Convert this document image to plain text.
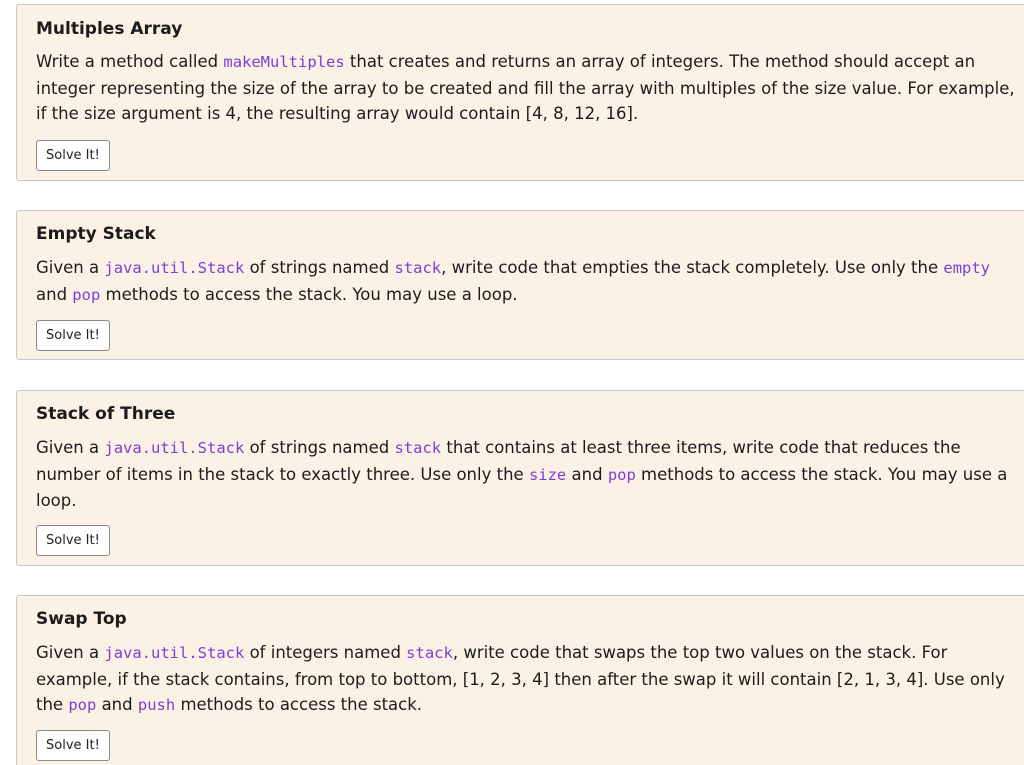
Multiples Array

Write a method called makeMultiples that creates and returns an array of integers. The method should accept an integer representing the size of the array to be created and fill the array with multiples of the size value. For example, if the size argument is 4, the resulting array would contain [4, 8, 12, 16].

Solve It!
Empty Stack

Given a java.util.Stack of strings named stack, write code that empties the stack completely. Use only the empty and pop methods to access the stack. You may use a loop.

Solve It!
Stack of Three

Given a java.util.Stack of strings named stack that contains at least three items, write code that reduces the number of items in the stack to exactly three. Use only the size and pop methods to access the stack. You may use a loop.

Solve It!
Swap Top

Given a java.util.Stack of integers named stack, write code that swaps the top two values on the stack. For example, if the stack contains, from top to bottom, [1, 2, 3, 4] then after the swap it will contain [2, 1, 3, 4]. Use only the pop and push methods to access the stack.

Solve It!
